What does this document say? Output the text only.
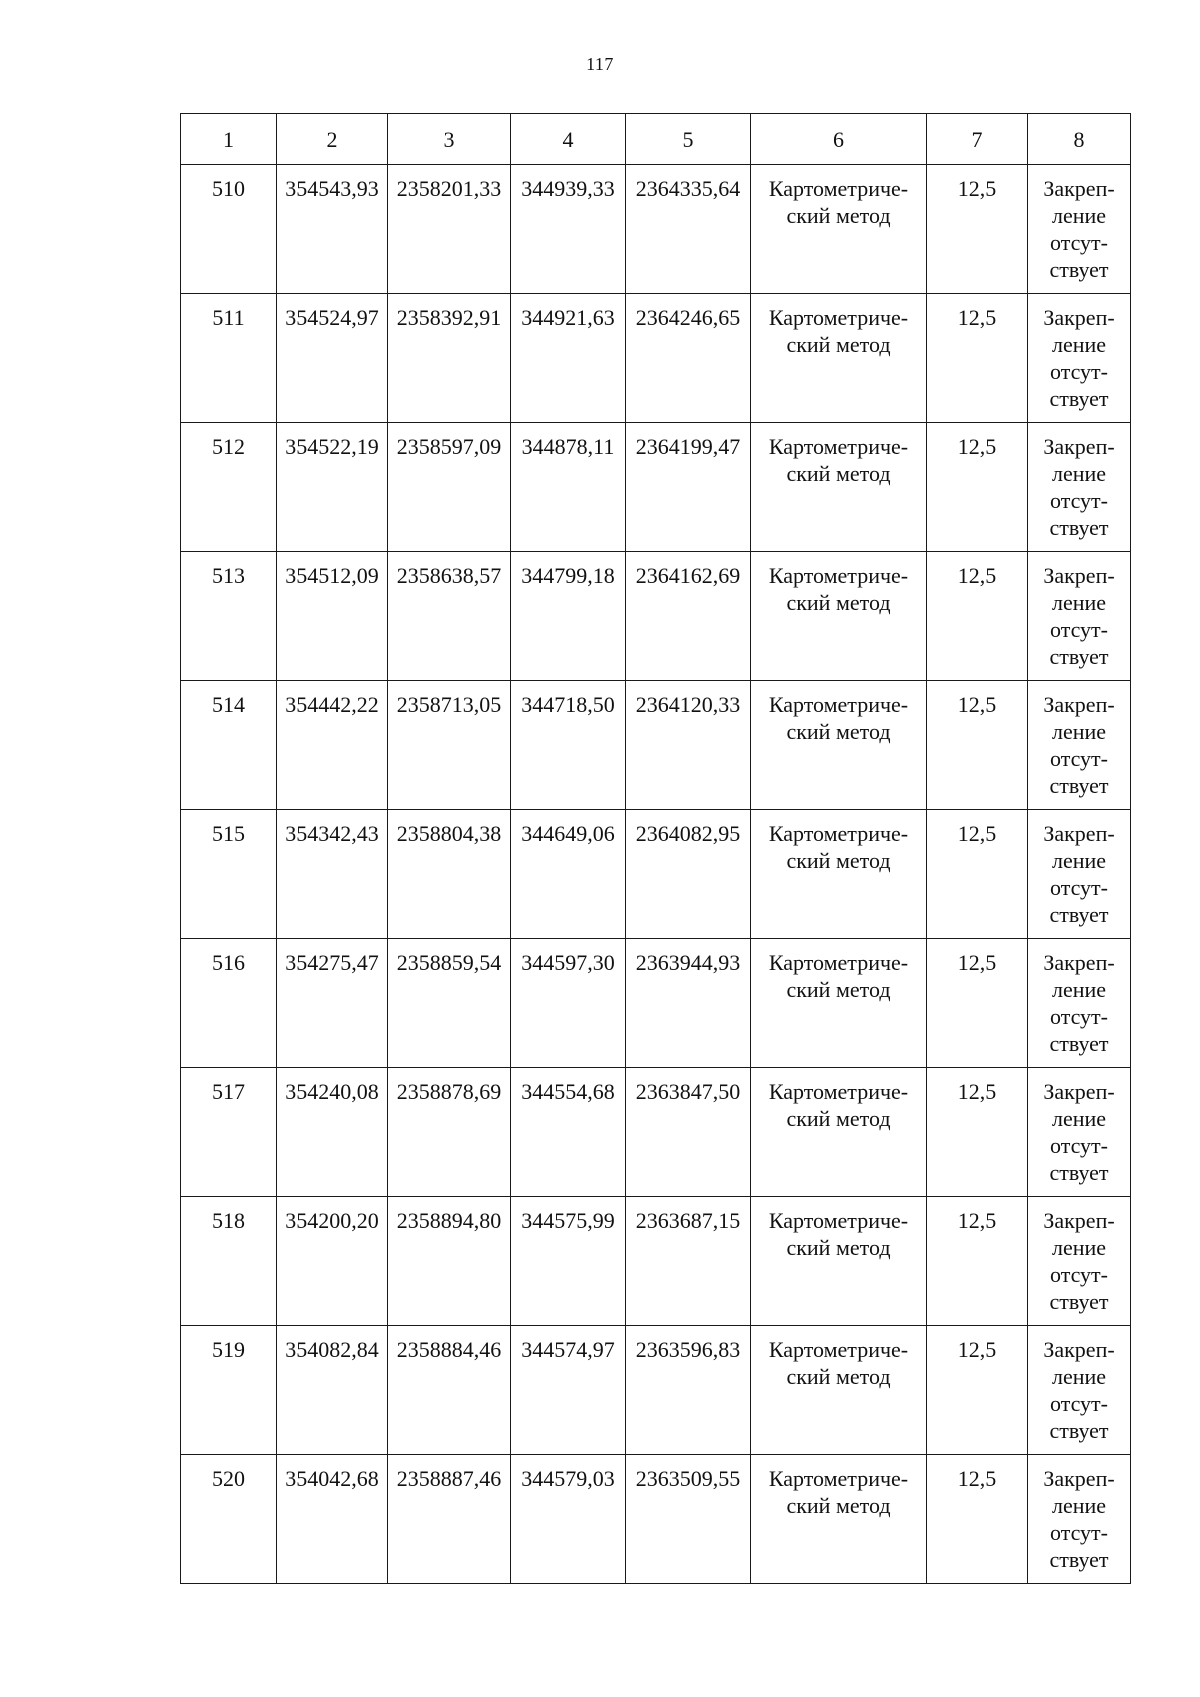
117
1	2	3	4	5	6	7	8
510	354543,93	2358201,33	344939,33	2364335,64	Картометриче-
ский метод	12,5	Закреп-
ление
отсут-
ствует

511	354524,97	2358392,91	344921,63	2364246,65	Картометриче-
ский метод	12,5	Закреп-
ление
отсут-
ствует

512	354522,19	2358597,09	344878,11	2364199,47	Картометриче-
ский метод	12,5	Закреп-
ление
отсут-
ствует

513	354512,09	2358638,57	344799,18	2364162,69	Картометриче-
ский метод	12,5	Закреп-
ление
отсут-
ствует

514	354442,22	2358713,05	344718,50	2364120,33	Картометриче-
ский метод	12,5	Закреп-
ление
отсут-
ствует

515	354342,43	2358804,38	344649,06	2364082,95	Картометриче-
ский метод	12,5	Закреп-
ление
отсут-
ствует

516	354275,47	2358859,54	344597,30	2363944,93	Картометриче-
ский метод	12,5	Закреп-
ление
отсут-
ствует

517	354240,08	2358878,69	344554,68	2363847,50	Картометриче-
ский метод	12,5	Закреп-
ление
отсут-
ствует

518	354200,20	2358894,80	344575,99	2363687,15	Картометриче-
ский метод	12,5	Закреп-
ление
отсут-
ствует

519	354082,84	2358884,46	344574,97	2363596,83	Картометриче-
ский метод	12,5	Закреп-
ление
отсут-
ствует

520	354042,68	2358887,46	344579,03	2363509,55	Картометриче-
ский метод	12,5	Закреп-
ление
отсут-
ствует
